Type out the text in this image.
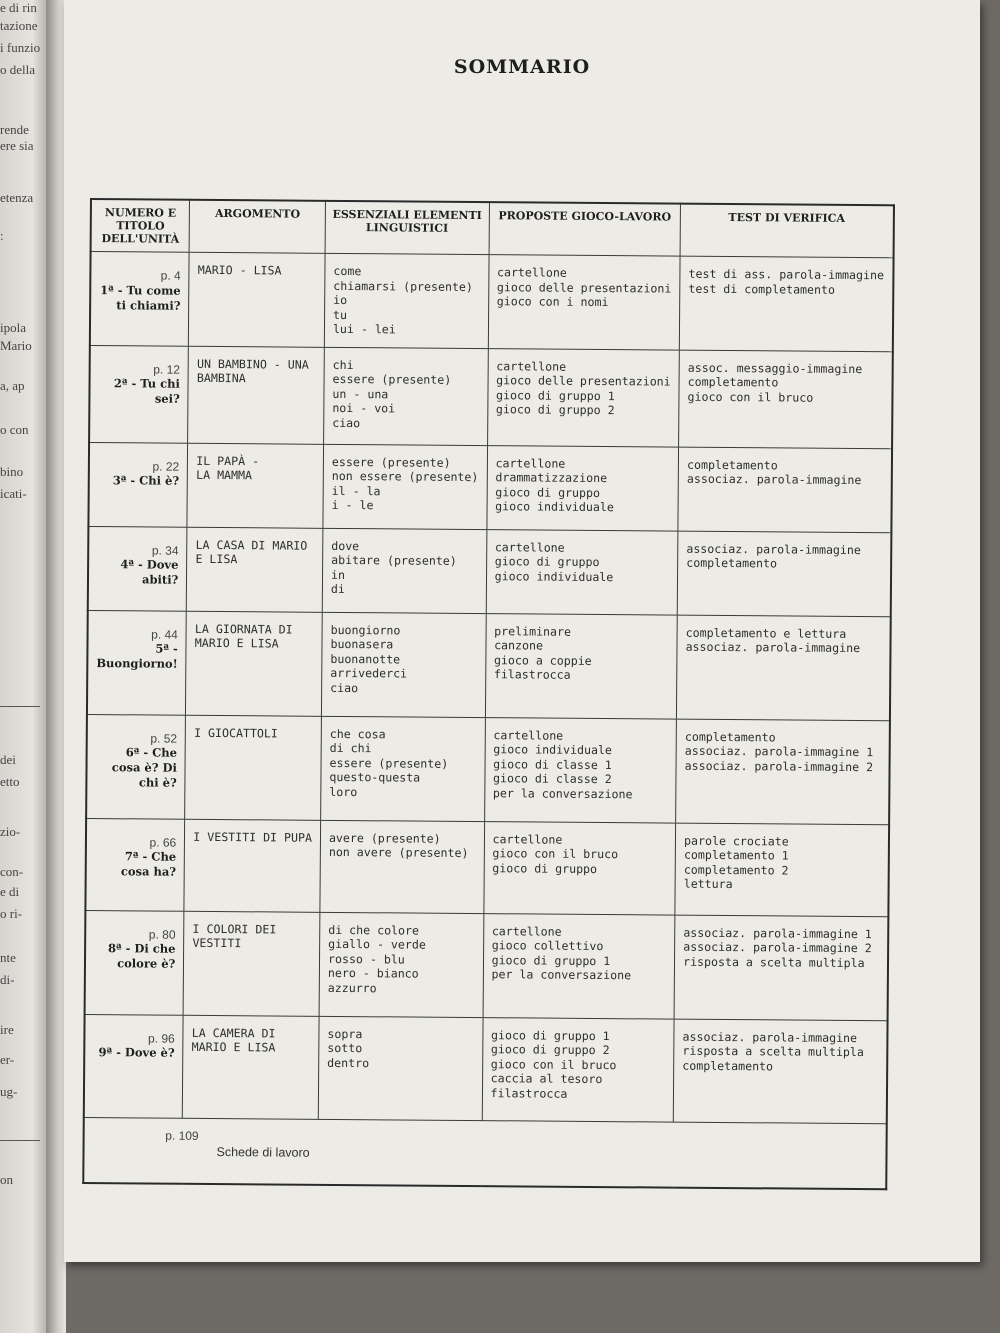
e di rin
tazione
i funzio
o della
rende
ere sia
etenza
:
ipola
Mario
a, ap
o con
bino
icati-
dei
etto
zio-
con-
e di
o ri-
nte
di-
ire
er-
ug-
on
SOMMARIO
NUMERO E TITOLO DELL'UNITÀ	ARGOMENTO	ESSENZIALI ELEMENTI LINGUISTICI	PROPOSTE GIOCO-LAVORO	TEST DI VERIFICA

p. 4
1ª - Tu come ti chiami?	MARIO - LISA	come
chiamarsi (presente)
io
tu
lui - lei	cartellone
gioco delle presentazioni
gioco con i nomi	test di ass. parola-immagine
test di completamento

p. 12
2ª - Tu chi sei?	UN BAMBINO - UNA
BAMBINA	chi
essere (presente)
un - una
noi - voi
ciao	cartellone
gioco delle presentazioni
gioco di gruppo 1
gioco di gruppo 2	assoc. messaggio-immagine
completamento
gioco con il bruco

p. 22
3ª - Chi è?	IL PAPÀ -
LA MAMMA	essere (presente)
non essere (presente)
il - la
i - le	cartellone
drammatizzazione
gioco di gruppo
gioco individuale	completamento
associaz. parola-immagine

p. 34
4ª - Dove abiti?	LA CASA DI MARIO
E LISA	dove
abitare (presente)
in
di	cartellone
gioco di gruppo
gioco individuale	associaz. parola-immagine
completamento

p. 44
5ª - Buongiorno!	LA GIORNATA DI
MARIO E LISA	buongiorno
buonasera
buonanotte
arrivederci
ciao	preliminare
canzone
gioco a coppie
filastrocca	completamento e lettura
associaz. parola-immagine

p. 52
6ª - Che cosa è? Di chi è?	I GIOCATTOLI	che cosa
di chi
essere (presente)
questo-questa
loro	cartellone
gioco individuale
gioco di classe 1
gioco di classe 2
per la conversazione	completamento
associaz. parola-immagine 1
associaz. parola-immagine 2

p. 66
7ª - Che cosa ha?	I VESTITI DI PUPA	avere (presente)
non avere (presente)	cartellone
gioco con il bruco
gioco di gruppo	parole crociate
completamento 1
completamento 2
lettura

p. 80
8ª - Di che colore è?	I COLORI DEI
VESTITI	di che colore
giallo - verde
rosso - blu
nero - bianco
azzurro	cartellone
gioco collettivo
gioco di gruppo 1
per la conversazione	associaz. parola-immagine 1
associaz. parola-immagine 2
risposta a scelta multipla

p. 96
9ª - Dove è?	LA CAMERA DI
MARIO E LISA	sopra
sotto
dentro	gioco di gruppo 1
gioco di gruppo 2
gioco con il bruco
caccia al tesoro
filastrocca	associaz. parola-immagine
risposta a scelta multipla
completamento

p. 109
Schede di lavoro				
